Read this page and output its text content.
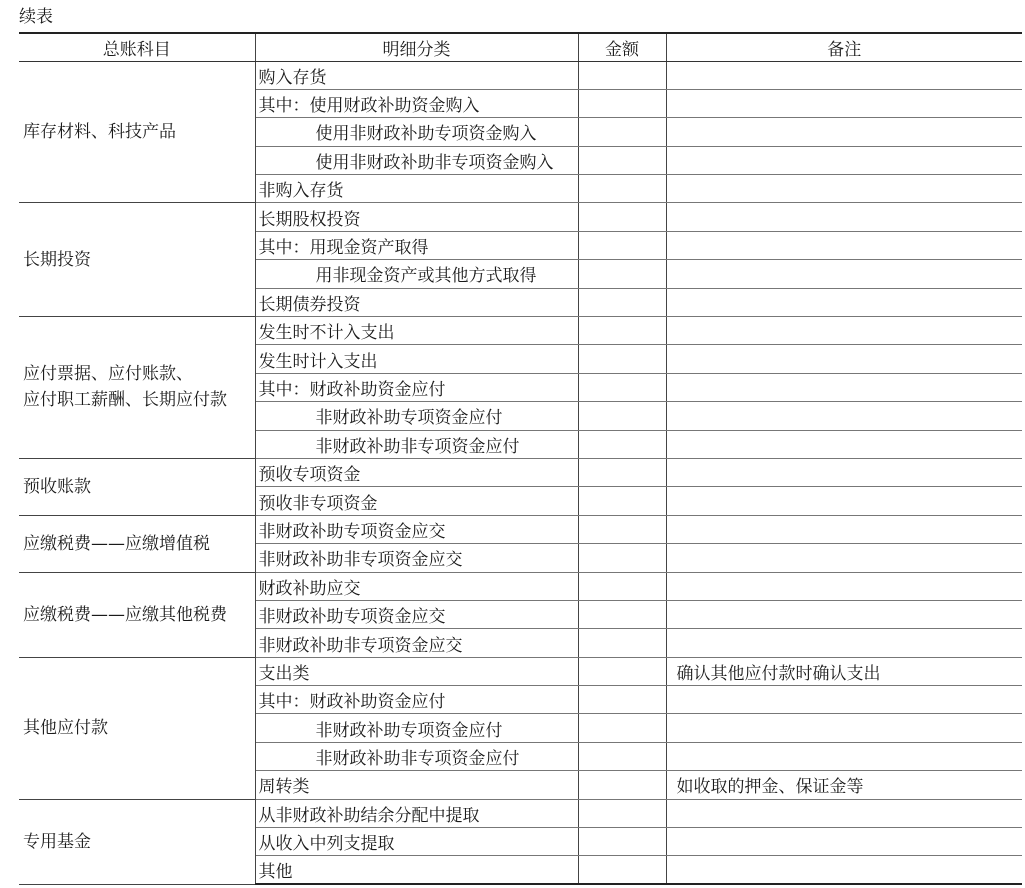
续表
总账科目	明细分类	金额	备注

库存材料、科技产品	购入存货		
	其中：使用财政补助资金购入		
	使用非财政补助专项资金购入		
	使用非财政补助非专项资金购入		
	非购入存货		

长期投资	长期股权投资		
	其中：用现金资产取得		
	用非现金资产或其他方式取得		
	长期债券投资		

应付票据、应付账款、
应付职工薪酬、长期应付款	发生时不计入支出		
	发生时计入支出		
	其中：财政补助资金应付		
	非财政补助专项资金应付		
	非财政补助非专项资金应付		

预收账款	预收专项资金		
	预收非专项资金		

应缴税费——应缴增值税	非财政补助专项资金应交		
	非财政补助非专项资金应交		

应缴税费——应缴其他税费	财政补助应交		
	非财政补助专项资金应交		
	非财政补助非专项资金应交		

其他应付款	支出类		确认其他应付款时确认支出
	其中：财政补助资金应付		
	非财政补助专项资金应付		
	非财政补助非专项资金应付		
	周转类		如收取的押金、保证金等

专用基金	从非财政补助结余分配中提取		
	从收入中列支提取		
	其他		
